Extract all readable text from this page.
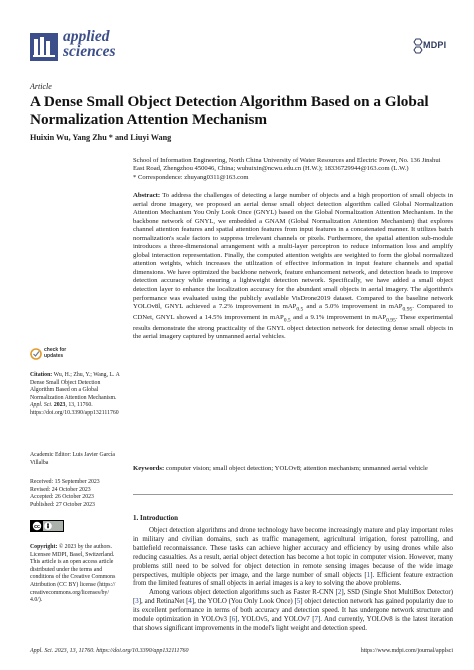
applied
sciences	MDPI
Article
A Dense Small Object Detection Algorithm Based on a Global Normalization Attention Mechanism
Huixin Wu, Yang Zhu * and Liuyi Wang
School of Information Engineering, North China University of Water Resources and Electric Power, No. 136 Jinshui East Road, Zhengzhou 450046, China; wuhuixin@ncwu.edu.cn (H.W.); 18336729944@163.com (L.W.)
* Correspondence: zhuyang0311@163.com
Abstract: To address the challenges of detecting a large number of objects and a high proportion of small objects in aerial drone imagery, we proposed an aerial dense small object detection algorithm called Global Normalization Attention Mechanism You Only Look Once (GNYL) based on the Global Normalization Attention Mechanism. In the backbone network of GNYL, we embedded a GNAM (Global Normalization Attention Mechanism) that explores channel attention features and spatial attention features from input features in a concatenated manner. It utilizes batch normalization's scale factors to suppress irrelevant channels or pixels. Furthermore, the spatial attention sub-module introduces a three-dimensional arrangement with a multi-layer perceptron to reduce information loss and amplify global interaction representation. Finally, the computed attention weights are weighted to form the global normalized attention weights, which increases the utilization of effective information in input feature channels and spatial dimensions. We have optimized the backbone network, feature enhancement network, and detection heads to improve detection accuracy while ensuring a lightweight detection network. Specifically, we have added a small object detection layer to enhance the localization accuracy for the abundant small objects in aerial imagery. The algorithm's performance was evaluated using the publicly available VisDrone2019 dataset. Compared to the baseline network YOLOv8l, GNYL achieved a 7.2% improvement in mAP$_{0.5}$ and a 5.0% improvement in mAP$_{0.95}$. Compared to CDNet, GNYL showed a 14.5% improvement in mAP$_{0.5}$ and a 9.1% improvement in mAP$_{0.95}$. These experimental results demonstrate the strong practicality of the GNYL object detection network for detecting dense small objects in the aerial imagery captured by unmanned aerial vehicles.
Keywords: computer vision; small object detection; YOLOv8; attention mechanism; unmanned aerial vehicle
1. Introduction
Object detection algorithms and drone technology have become increasingly mature and play important roles in military and civilian domains, such as traffic management, agricultural irrigation, forest patrolling, and battlefield reconnaissance. These tasks can achieve higher accuracy and efficiency by using drones while also reducing casualties. As a result, aerial object detection has become a hot topic in computer vision. However, many problems still need to be solved for object detection in remote sensing images because of the wide image perspectives, multiple objects per image, and the large number of small objects [1]. Efficient feature extraction from the limited features of small objects in aerial images is a key to solving the above problems.
Among various object detection algorithms such as Faster R-CNN [2], SSD (Single Shot MultiBox Detector) [3], and RetinaNet [4], the YOLO (You Only Look Once) [5] object detection network has gained popularity due to its excellent performance in terms of both accuracy and detection speed. It has undergone network structure and module optimization in YOLOv3 [6], YOLOv5, and YOLOv7 [7]. And currently, YOLOv8 is the latest iteration that shows significant improvements in the model's light weight and detection speed.
check for
updates
Citation: Wu, H.; Zhu, Y.; Wang, L. A Dense Small Object Detection Algorithm Based on a Global Normalization Attention Mechanism. Appl. Sci. 2023, 13, 11760. https://doi.org/10.3390/app132111760
Academic Editor: Luis Javier García Villalba
Received: 15 September 2023
Revised: 24 October 2023
Accepted: 26 October 2023
Published: 27 October 2023
cc
Copyright: © 2023 by the authors. Licensee MDPI, Basel, Switzerland. This article is an open access article distributed under the terms and conditions of the Creative Commons Attribution (CC BY) license (https:// creativecommons.org/licenses/by/ 4.0/).
Appl. Sci. 2023, 13, 11760. https://doi.org/10.3390/app132111760	https://www.mdpi.com/journal/applsci
